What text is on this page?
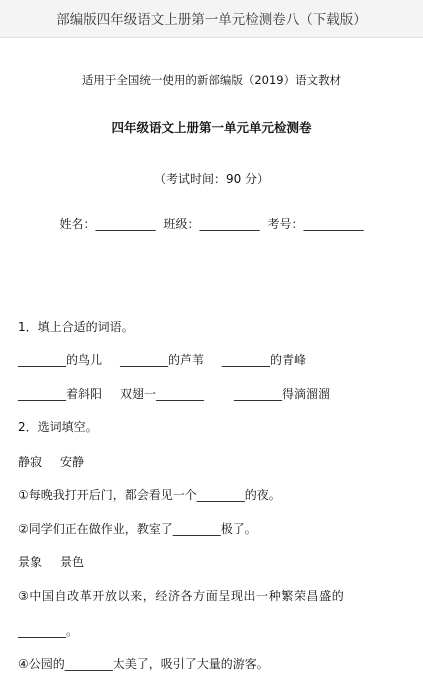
部编版四年级语文上册第一单元检测卷八（下载版）
适用于全国统一使用的新部编版（2019）语文教材
四年级语文上册第一单元单元检测卷
（考试时间：90 分）
姓名：__________ 班级：__________ 考号：__________
1．填上合适的词语。
________的鸟儿 ________的芦苇 ________的青峰
________着斜阳 双翅一________	________得滴溜溜
2．选词填空。
静寂 安静
①每晚我打开后门，都会看见一个________的夜。
②同学们正在做作业，教室了________极了。
景象 景色
③中国自改革开放以来，经济各方面呈现出一种繁荣昌盛的
________。
④公园的________太美了，吸引了大量的游客。
